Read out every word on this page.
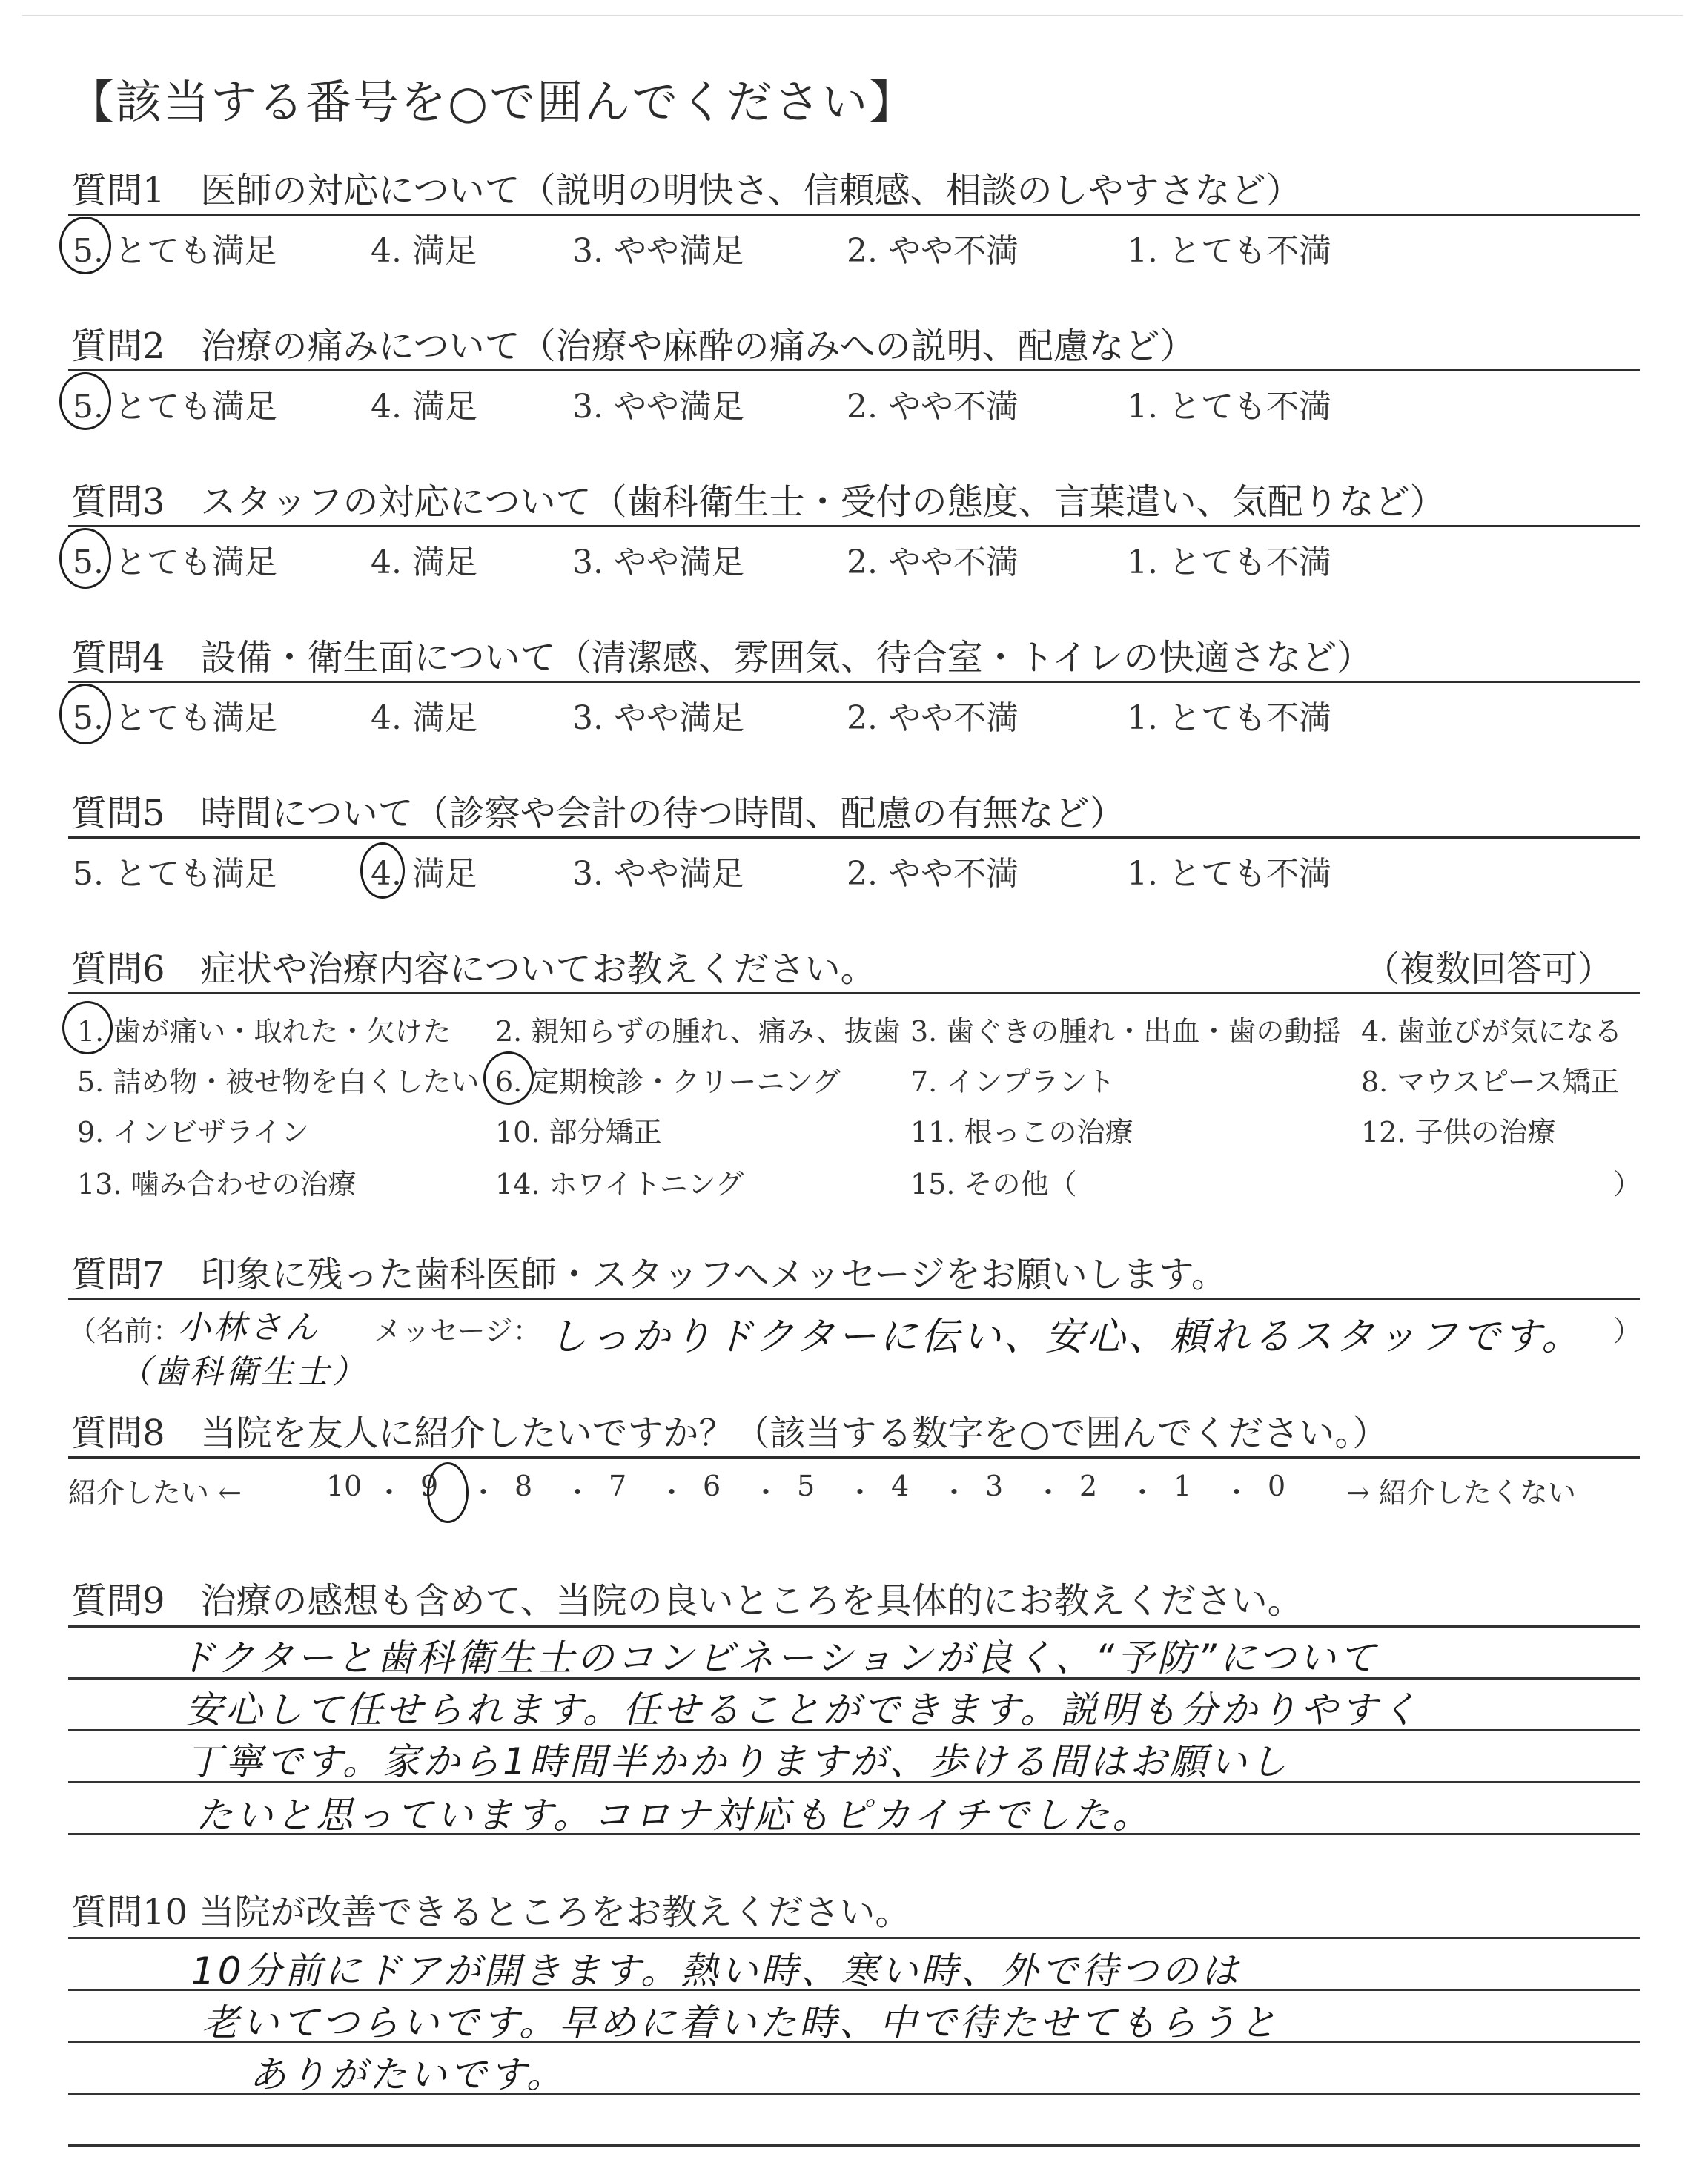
【該当する番号を○で囲んでください】
質問1　医師の対応について（説明の明快さ、信頼感、相談のしやすさなど）
5. とても満足	4. 満足	3. やや満足	2. やや不満	1. とても不満
質問2　治療の痛みについて（治療や麻酔の痛みへの説明、配慮など）
5. とても満足	4. 満足	3. やや満足	2. やや不満	1. とても不満
質問3　スタッフの対応について（歯科衛生士・受付の態度、言葉遣い、気配りなど）
5. とても満足	4. 満足	3. やや満足	2. やや不満	1. とても不満
質問4　設備・衛生面について（清潔感、雰囲気、待合室・トイレの快適さなど）
5. とても満足	4. 満足	3. やや満足	2. やや不満	1. とても不満
質問5　時間について（診察や会計の待つ時間、配慮の有無など）
5. とても満足	4. 満足	3. やや満足	2. やや不満	1. とても不満
質問6　症状や治療内容についてお教えください。	（複数回答可）
1. 歯が痛い・取れた・欠けた 2. 親知らずの腫れ、痛み、抜歯 3. 歯ぐきの腫れ・出血・歯の動揺 4. 歯並びが気になる
5. 詰め物・被せ物を白くしたい 6. 定期検診・クリーニング 7. インプラント	8. マウスピース矯正
9. インビザライン	10. 部分矯正	11. 根っこの治療	12. 子供の治療
13. 噛み合わせの治療	14. ホワイトニング	15. その他（	）
質問7　印象に残った歯科医師・スタッフへメッセージをお願いします。
（名前：
小林さん
（歯科衛生士）
メッセージ： しっかりドクターに伝い、安心、頼れるスタッフです。 ）
質問8　当院を友人に紹介したいですか？（該当する数字を○で囲んでください。）
紹介したい ←	→ 紹介したくない
10 ・ 9 ・ 8 ・ 7 ・ 6 ・ 5 ・ 4 ・ 3 ・ 2 ・ 1 ・ 0
質問9　治療の感想も含めて、当院の良いところを具体的にお教えください。
ドクターと歯科衛生士のコンビネーションが良く、“予防”について
安心して任せられます。任せることができます。説明も分かりやすく
丁寧です。家から1時間半かかりますが、歩ける間はお願いし
たいと思っています。コロナ対応もピカイチでした。
質問10 当院が改善できるところをお教えください。
10分前にドアが開きます。熱い時、寒い時、外で待つのは
老いてつらいです。早めに着いた時、中で待たせてもらうと
ありがたいです。
